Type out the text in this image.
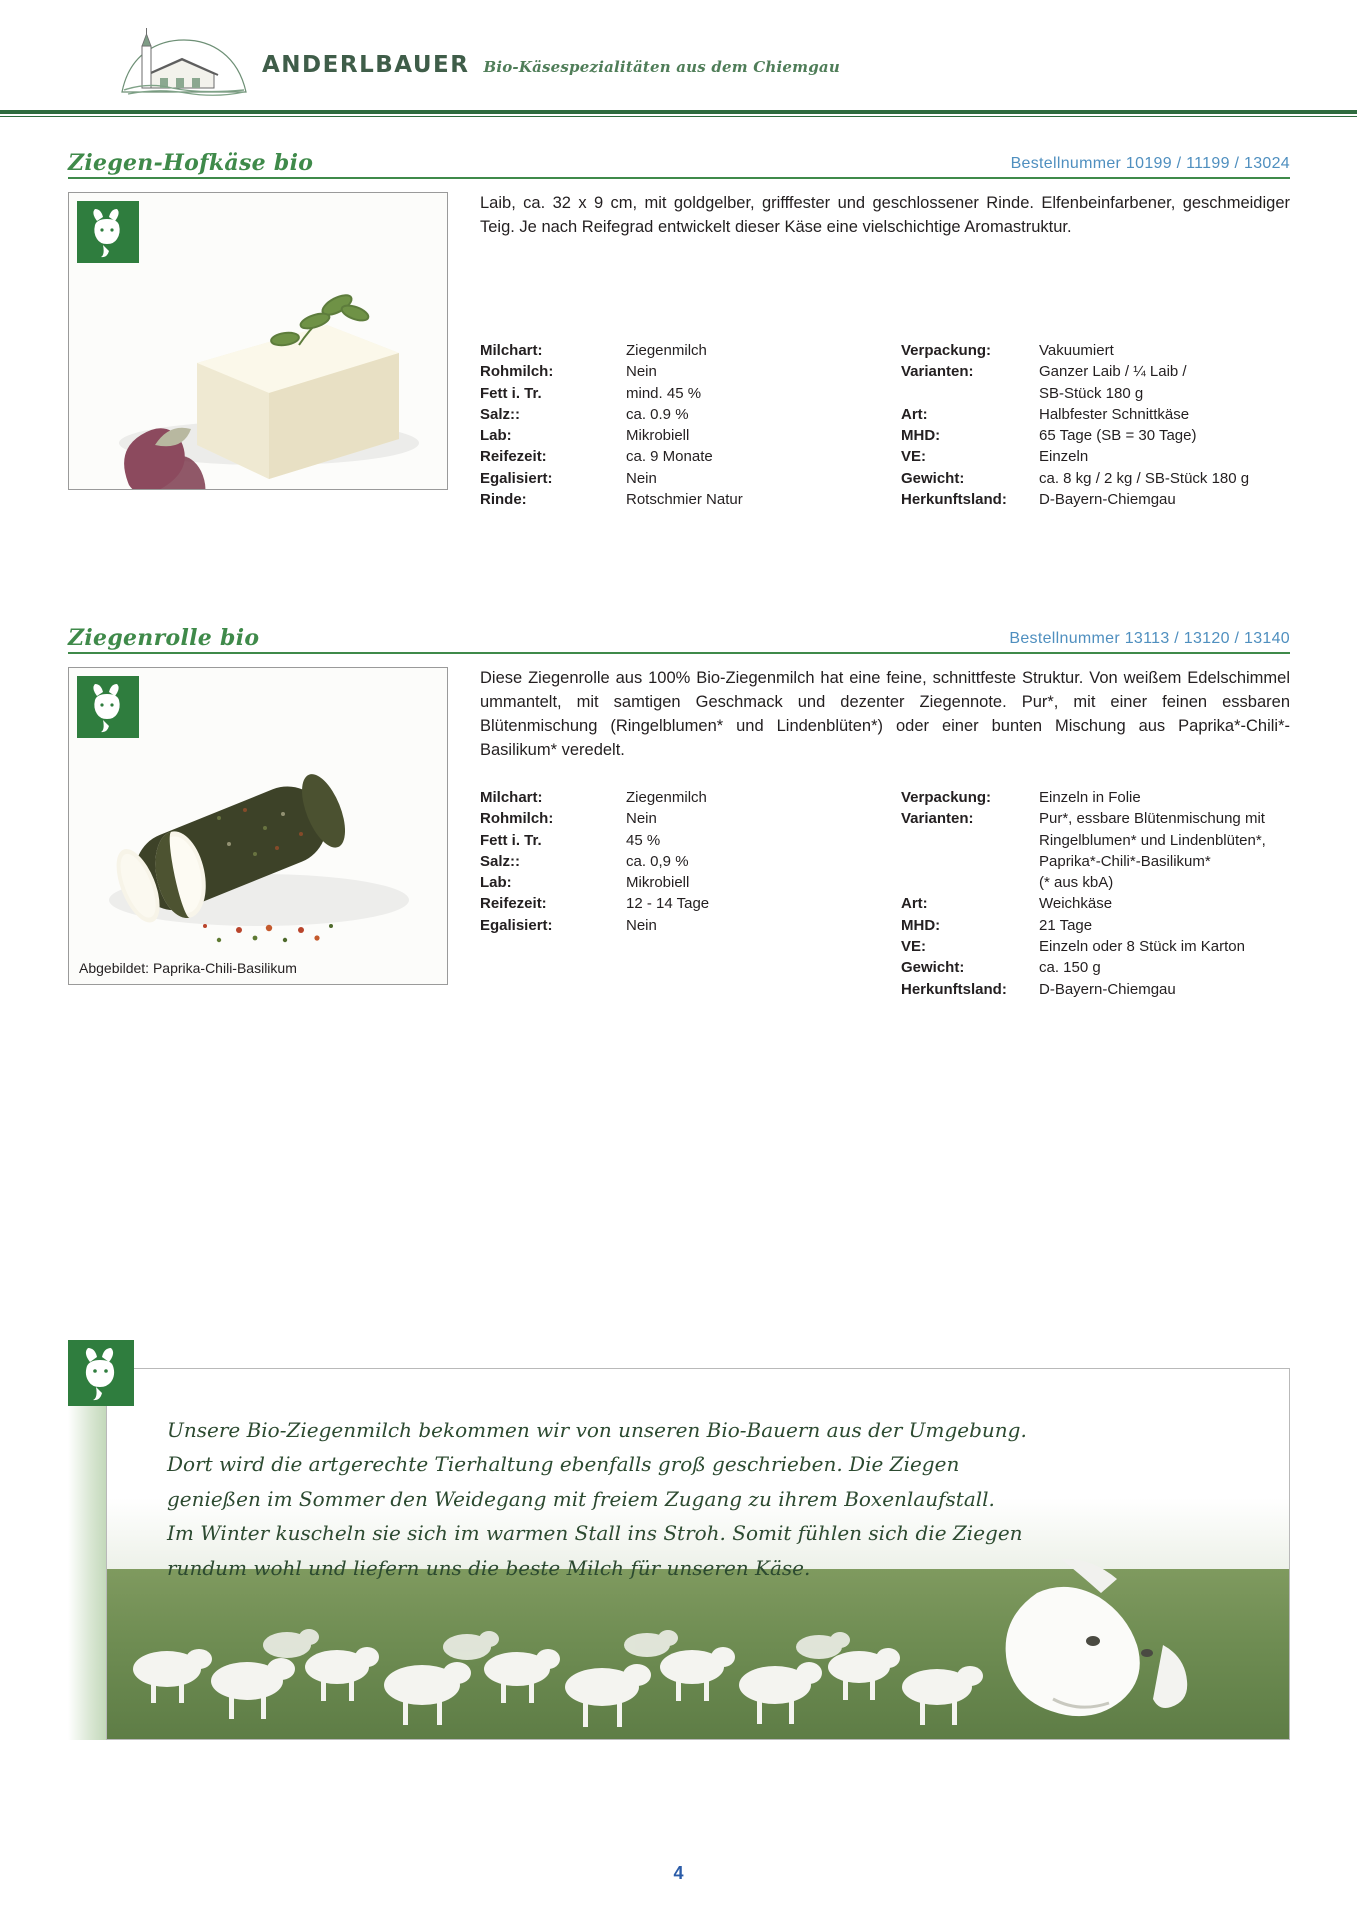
ANDERLBAUER Bio-Käsespezialitäten aus dem Chiemgau
Ziegen-Hofkäse bio	Bestellnummer 10199 / 11199 / 13024
Laib, ca. 32 x 9 cm, mit goldgelber, grifffester und geschlossener Rinde. Elfenbeinfarbener, geschmeidiger Teig. Je nach Reifegrad entwickelt dieser Käse eine vielschichtige Aromastruktur.
Milchart:	Ziegenmilch
Rohmilch:	Nein
Fett i. Tr.	mind. 45 %
Salz::	ca. 0.9 %
Lab:	Mikrobiell
Reifezeit:	ca. 9 Monate
Egalisiert:	Nein
Rinde:	Rotschmier Natur
Verpackung:	Vakuumiert
Varianten:	Ganzer Laib / ¼ Laib /
SB-Stück 180 g
Art:	Halbfester Schnittkäse
MHD:	65 Tage (SB = 30 Tage)
VE:	Einzeln
Gewicht:	ca. 8 kg / 2 kg / SB-Stück 180 g
Herkunftsland:	D-Bayern-Chiemgau
Ziegenrolle bio	Bestellnummer 13113 / 13120 / 13140
Abgebildet: Paprika-Chili-Basilikum
Diese Ziegenrolle aus 100% Bio-Ziegenmilch hat eine feine, schnittfeste Struktur. Von weißem Edelschimmel ummantelt, mit samtigen Geschmack und dezenter Ziegennote. Pur*, mit einer feinen essbaren Blütenmischung (Ringelblumen* und Lindenblüten*) oder einer bunten Mischung aus Paprika*-Chili*-Basilikum* veredelt.
Milchart:	Ziegenmilch
Rohmilch:	Nein
Fett i. Tr.	45 %
Salz::	ca. 0,9 %
Lab:	Mikrobiell
Reifezeit:	12 - 14 Tage
Egalisiert:	Nein
Verpackung:	Einzeln in Folie
Varianten:	Pur*, essbare Blütenmischung mit
Ringelblumen* und Lindenblüten*,
Paprika*-Chili*-Basilikum*
(* aus kbA)
Art:	Weichkäse
MHD:	21 Tage
VE:	Einzeln oder 8 Stück im Karton
Gewicht:	ca. 150 g
Herkunftsland:	D-Bayern-Chiemgau

Unsere Bio-Ziegenmilch bekommen wir von unseren Bio-Bauern aus der Umgebung. Dort wird die artgerechte Tierhaltung ebenfalls groß geschrieben. Die Ziegen genießen im Sommer den Weidegang mit freiem Zugang zu ihrem Boxenlaufstall.

Im Winter kuscheln sie sich im warmen Stall ins Stroh. Somit fühlen sich die Ziegen rundum wohl und liefern uns die beste Milch für unseren Käse.

4
